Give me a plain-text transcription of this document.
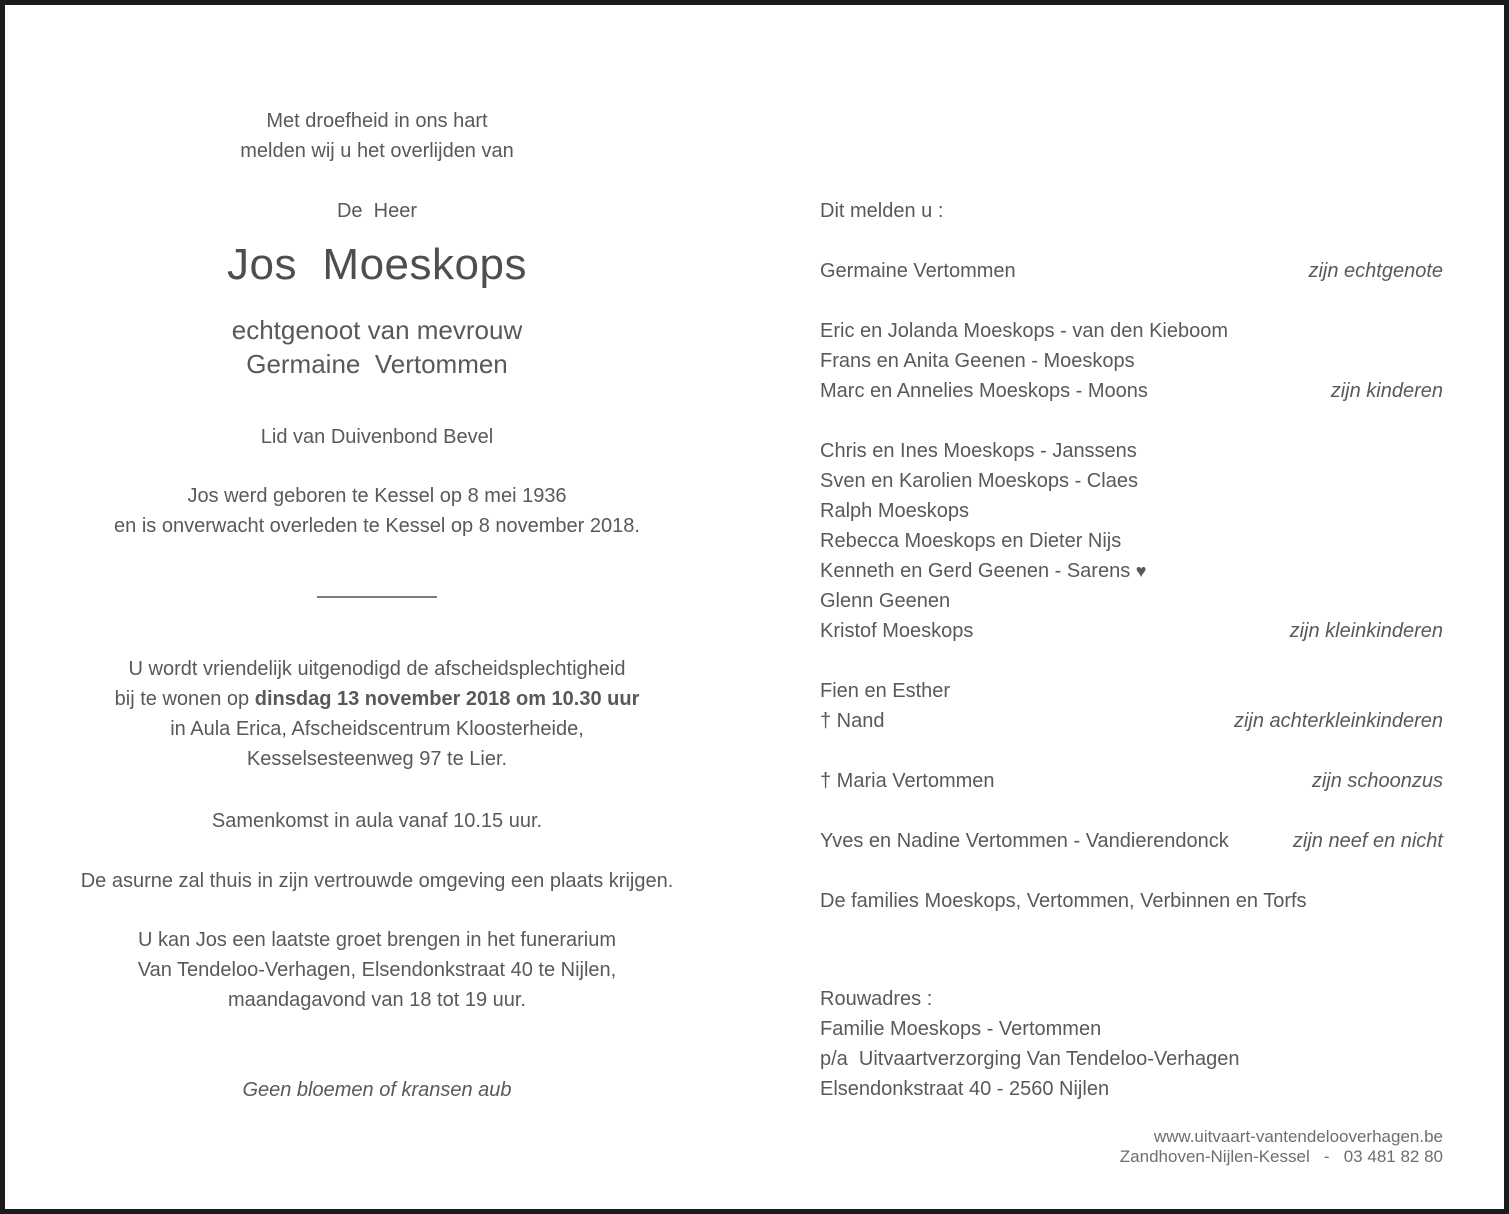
Met droefheid in ons hart
melden wij u het overlijden van
De  Heer
Jos  Moeskops
echtgenoot van mevrouw
Germaine  Vertommen
Lid van Duivenbond Bevel
Jos werd geboren te Kessel op 8 mei 1936
en is onverwacht overleden te Kessel op 8 november 2018.
U wordt vriendelijk uitgenodigd de afscheidsplechtigheid
bij te wonen op dinsdag 13 november 2018 om 10.30 uur
in Aula Erica, Afscheidscentrum Kloosterheide,
Kesselsesteenweg 97 te Lier.
Samenkomst in aula vanaf 10.15 uur.
De asurne zal thuis in zijn vertrouwde omgeving een plaats krijgen.
U kan Jos een laatste groet brengen in het funerarium
Van Tendeloo-Verhagen, Elsendonkstraat 40 te Nijlen,
maandagavond van 18 tot 19 uur.
Geen bloemen of kransen aub
Dit melden u :
Germaine Vertommen	zijn echtgenote
Eric en Jolanda Moeskops - van den Kieboom
Frans en Anita Geenen - Moeskops
Marc en Annelies Moeskops - Moons	zijn kinderen
Chris en Ines Moeskops - Janssens
Sven en Karolien Moeskops - Claes
Ralph Moeskops
Rebecca Moeskops en Dieter Nijs
Kenneth en Gerd Geenen - Sarens ♥
Glenn Geenen
Kristof Moeskops	zijn kleinkinderen
Fien en Esther
† Nand	zijn achterkleinkinderen
† Maria Vertommen	zijn schoonzus
Yves en Nadine Vertommen - Vandierendonck	zijn neef en nicht
De families Moeskops, Vertommen, Verbinnen en Torfs
Rouwadres :
Familie Moeskops - Vertommen
p/a  Uitvaartverzorging Van Tendeloo-Verhagen
Elsendonkstraat 40 - 2560 Nijlen
www.uitvaart-vantendelooverhagen.be
Zandhoven-Nijlen-Kessel   -   03 481 82 80
